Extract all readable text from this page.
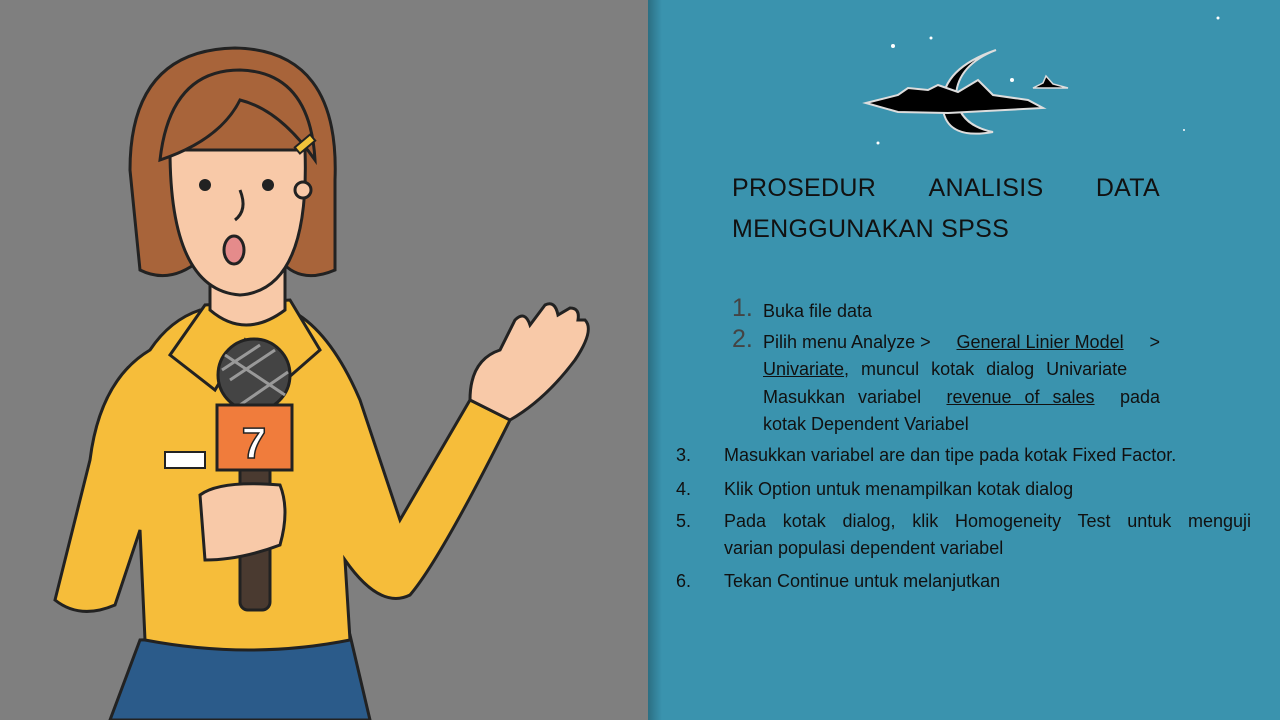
7
PROSEDUR ANALISIS DATA
MENGGUNAKAN SPSS
1. Buka file data
2. Pilih menu Analyze > General Linier Model >
Univariate, muncul kotak dialog Univariate
Masukkan variabel revenue of sales pada
kotak Dependent Variabel
3. Masukkan variabel are dan tipe pada kotak Fixed Factor.
4. Klik Option untuk menampilkan kotak dialog
5. Pada kotak dialog, klik Homogeneity Test untuk menguji
varian populasi dependent variabel
6. Tekan Continue untuk melanjutkan
